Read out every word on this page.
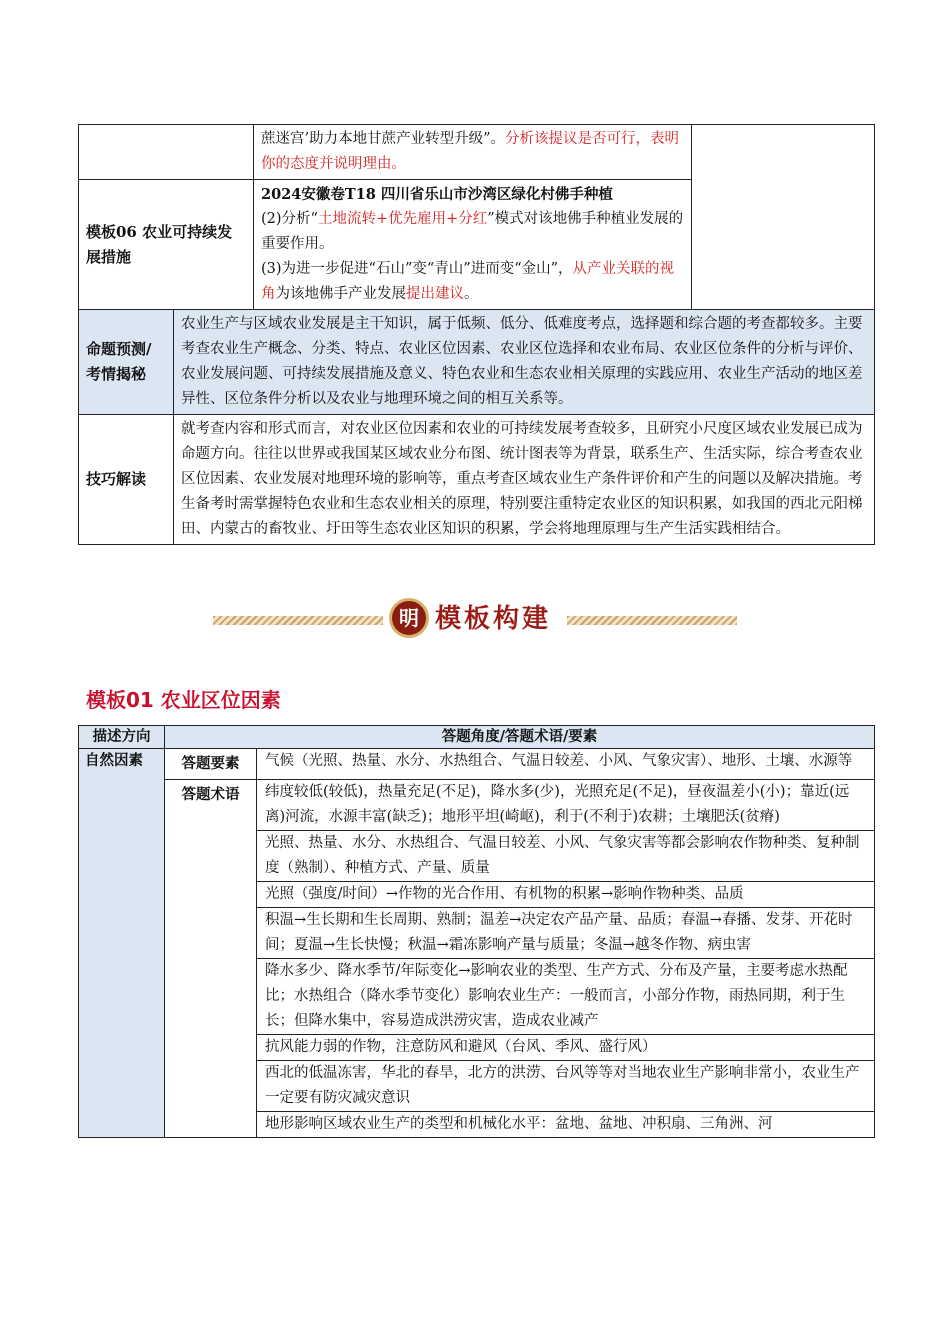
		蔗迷宫’助力本地甘蔗产业转型升级”。分析该提议是否可行，表明你的态度并说明理由。	
模板06 农业可持续发展措施		2024安徽卷T18 四川省乐山市沙湾区绿化村佛手种植
(2)分析“土地流转+优先雇用+分红”模式对该地佛手种植业发展的重要作用。
(3)为进一步促进“石山”变“青山”进而变“金山”，从产业关联的视角为该地佛手产业发展提出建议。	

命题预测/考情揭秘	农业生产与区域农业发展是主干知识，属于低频、低分、低难度考点，选择题和综合题的考查都较多。主要考查农业生产概念、分类、特点、农业区位因素、农业区位选择和农业布局、农业区位条件的分析与评价、农业发展问题、可持续发展措施及意义、特色农业和生态农业相关原理的实践应用、农业生产活动的地区差异性、区位条件分析以及农业与地理环境之间的相互关系等。		
技巧解读	就考查内容和形式而言，对农业区位因素和农业的可持续发展考查较多，且研究小尺度区域农业发展已成为命题方向。往往以世界或我国某区域农业分布图、统计图表等为背景，联系生产、生活实际，综合考查农业区位因素、农业发展对地理环境的影响等，重点考查区域农业生产条件评价和产生的问题以及解决措施。考生备考时需掌握特色农业和生态农业相关的原理，特别要注重特定农业区的知识积累，如我国的西北元阳梯田、内蒙古的畜牧业、圩田等生态农业区知识的积累，学会将地理原理与生产生活实践相结合。		
明 模板构建
模板01 农业区位因素
描述方向	答题角度/答题术语/要素	
自然因素	答题要素	气候（光照、热量、水分、水热组合、气温日较差、小风、气象灾害）、地形、土壤、水源等
	答题术语	纬度较低(较低)，热量充足(不足)，降水多(少)，光照充足(不足)，昼夜温差小(小)；靠近(远离)河流，水源丰富(缺乏)；地形平坦(崎岖)，利于(不利于)农耕；土壤肥沃(贫瘠)
		光照、热量、水分、水热组合、气温日较差、小风、气象灾害等都会影响农作物种类、复种制度（熟制）、种植方式、产量、质量
		光照（强度/时间）→作物的光合作用、有机物的积累→影响作物种类、品质
		积温→生长期和生长周期、熟制；温差→决定农产品产量、品质；春温→春播、发芽、开花时间；夏温→生长快慢；秋温→霜冻影响产量与质量；冬温→越冬作物、病虫害
		降水多少、降水季节/年际变化→影响农业的类型、生产方式、分布及产量，主要考虑水热配比；水热组合（降水季节变化）影响农业生产：一般而言，小部分作物，雨热同期，利于生长；但降水集中，容易造成洪涝灾害，造成农业减产
		抗风能力弱的作物，注意防风和避风（台风、季风、盛行风）
		西北的低温冻害，华北的春旱，北方的洪涝、台风等等对当地农业生产影响非常小，农业生产一定要有防灾减灾意识
		地形影响区域农业生产的类型和机械化水平：盆地、盆地、冲积扇、三角洲、河
